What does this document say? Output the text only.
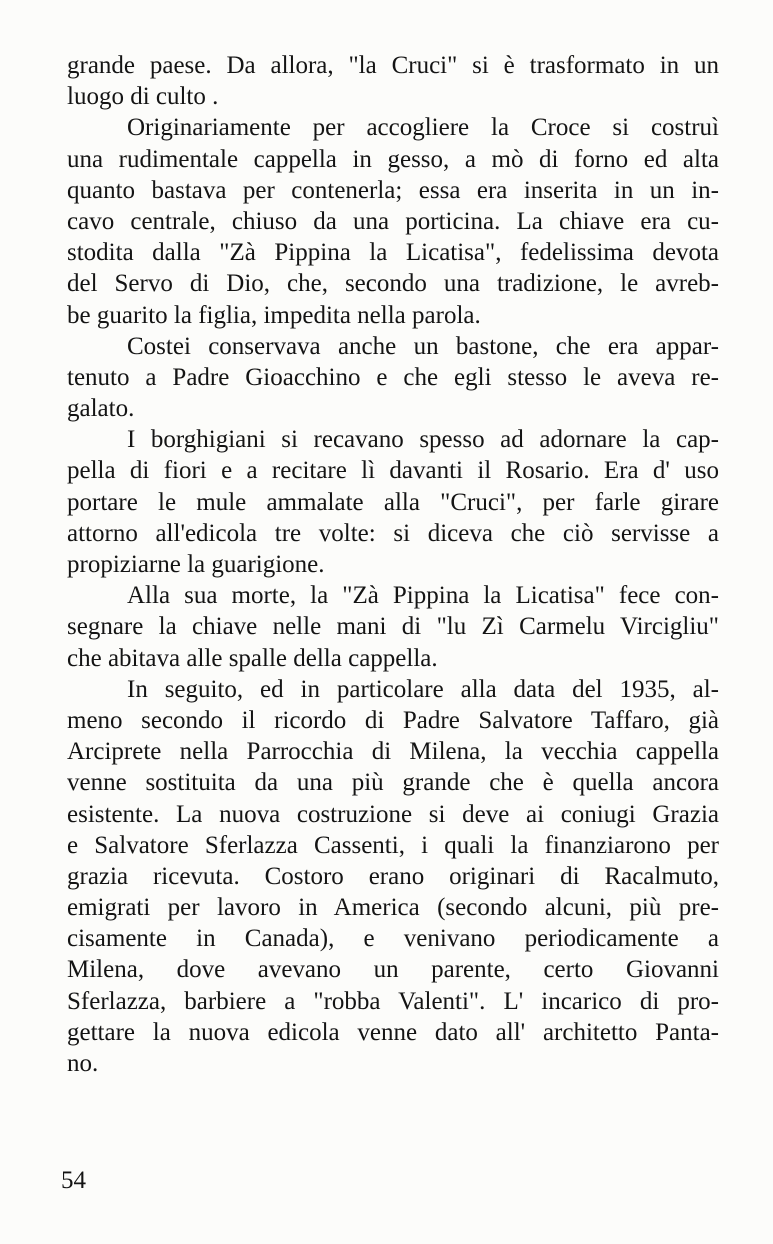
grande paese. Da allora, "la Cruci" si è trasformato in un
luogo di culto .
Originariamente per accogliere la Croce si costruì
una rudimentale cappella in gesso, a mò di forno ed alta
quanto bastava per contenerla; essa era inserita in un in-
cavo centrale, chiuso da una porticina. La chiave era cu-
stodita dalla "Zà Pippina la Licatisa", fedelissima devota
del Servo di Dio, che, secondo una tradizione, le avreb-
be guarito la figlia, impedita nella parola.
Costei conservava anche un bastone, che era appar-
tenuto a Padre Gioacchino e che egli stesso le aveva re-
galato.
I borghigiani si recavano spesso ad adornare la cap-
pella di fiori e a recitare lì davanti il Rosario. Era d' uso
portare le mule ammalate alla "Cruci", per farle girare
attorno all'edicola tre volte: si diceva che ciò servisse a
propiziarne la guarigione.
Alla sua morte, la "Zà Pippina la Licatisa" fece con-
segnare la chiave nelle mani di "lu Zì Carmelu Vircigliu"
che abitava alle spalle della cappella.
In seguito, ed in particolare alla data del 1935, al-
meno secondo il ricordo di Padre Salvatore Taffaro, già
Arciprete nella Parrocchia di Milena, la vecchia cappella
venne sostituita da una più grande che è quella ancora
esistente. La nuova costruzione si deve ai coniugi Grazia
e Salvatore Sferlazza Cassenti, i quali la finanziarono per
grazia ricevuta. Costoro erano originari di Racalmuto,
emigrati per lavoro in America (secondo alcuni, più pre-
cisamente in Canada), e venivano periodicamente a
Milena, dove avevano un parente, certo Giovanni
Sferlazza, barbiere a "robba Valenti". L' incarico di pro-
gettare la nuova edicola venne dato all' architetto Panta-
no.
54
